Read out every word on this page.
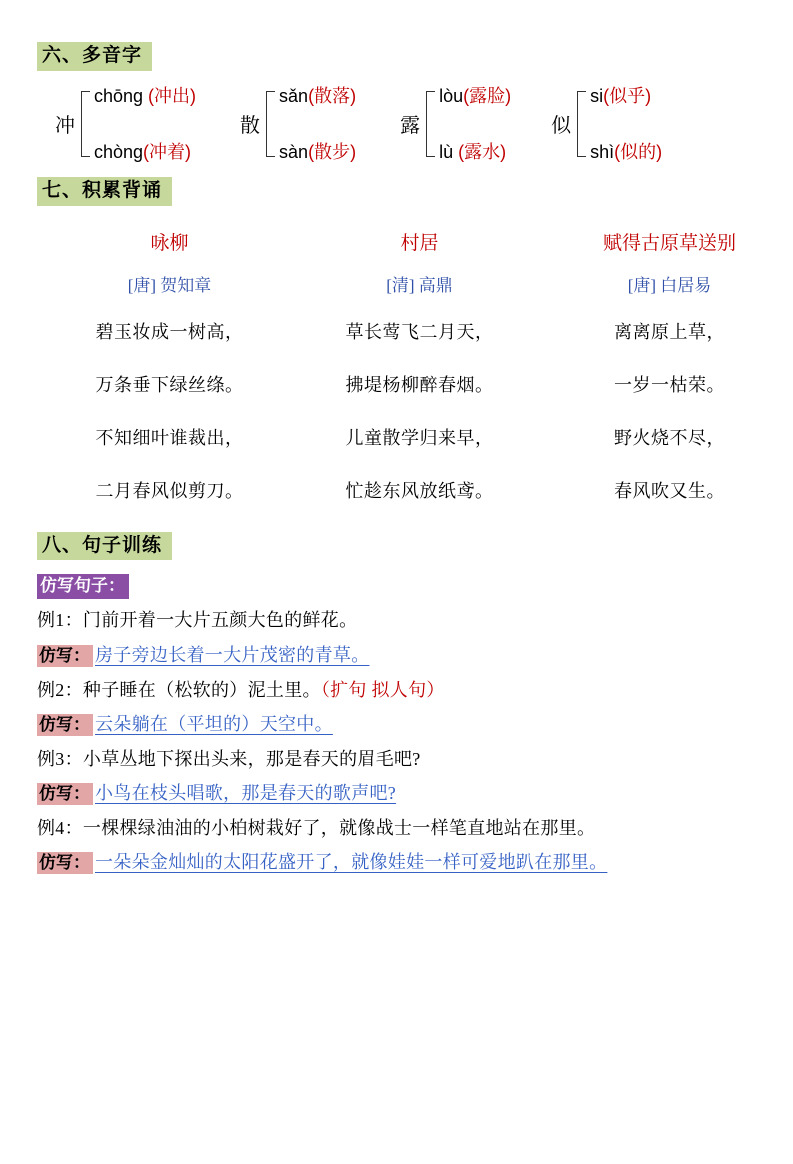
六、多音字
冲
chōng (冲出)
chòng(冲着)
散
sǎn(散落)
sàn(散步)
露
lòu(露脸)
lù (露水)
似
si(似乎)
shì(似的)
七、积累背诵
咏柳	村居	赋得古原草送别
[唐] 贺知章	[清] 高鼎	[唐] 白居易
碧玉妆成一树高，	草长莺飞二月天，	离离原上草，
万条垂下绿丝绦。	拂堤杨柳醉春烟。	一岁一枯荣。
不知细叶谁裁出，	儿童散学归来早，	野火烧不尽，
二月春风似剪刀。	忙趁东风放纸鸢。	春风吹又生。
八、句子训练
仿写句子：
例1：门前开着一大片五颜大色的鲜花。
仿写： 房子旁边长着一大片茂密的青草。
例2：种子睡在（松软的）泥土里。（扩句 拟人句）
仿写： 云朵躺在（平坦的）天空中。
例3：小草丛地下探出头来，那是春天的眉毛吧?
仿写： 小鸟在枝头唱歌，那是春天的歌声吧?
例4：一棵棵绿油油的小柏树栽好了，就像战士一样笔直地站在那里。
仿写： 一朵朵金灿灿的太阳花盛开了，就像娃娃一样可爱地趴在那里。
